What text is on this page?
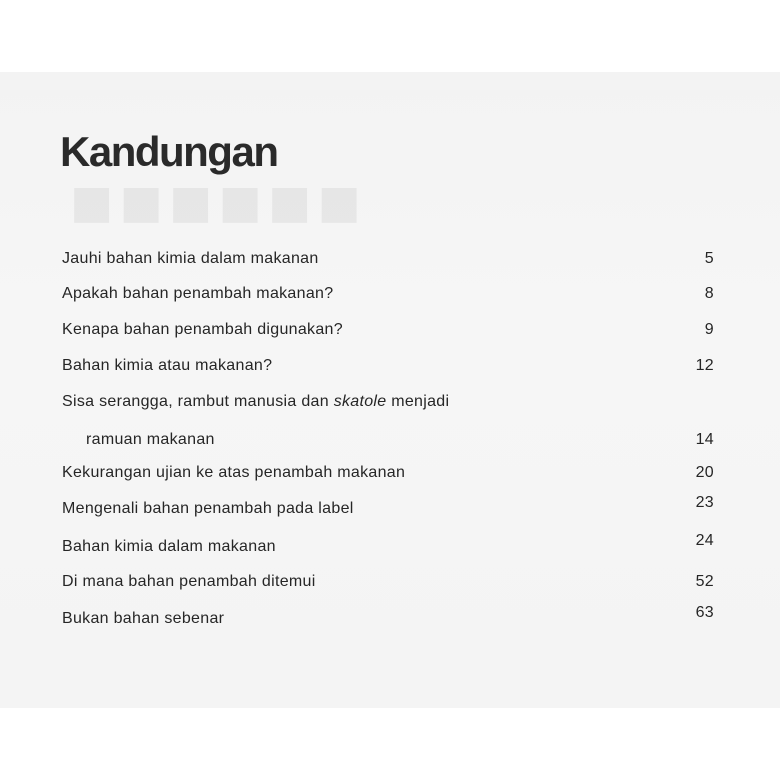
■■■■■■
Kandungan
Jauhi bahan kimia dalam makanan	5
Apakah bahan penambah makanan?	8
Kenapa bahan penambah digunakan?	9
Bahan kimia atau makanan?	12
Sisa serangga, rambut manusia dan skatole menjadi
ramuan makanan	14
Kekurangan ujian ke atas penambah makanan	20
Mengenali bahan penambah pada label	23
Bahan kimia dalam makanan	24
Di mana bahan penambah ditemui	52
Bukan bahan sebenar	63
